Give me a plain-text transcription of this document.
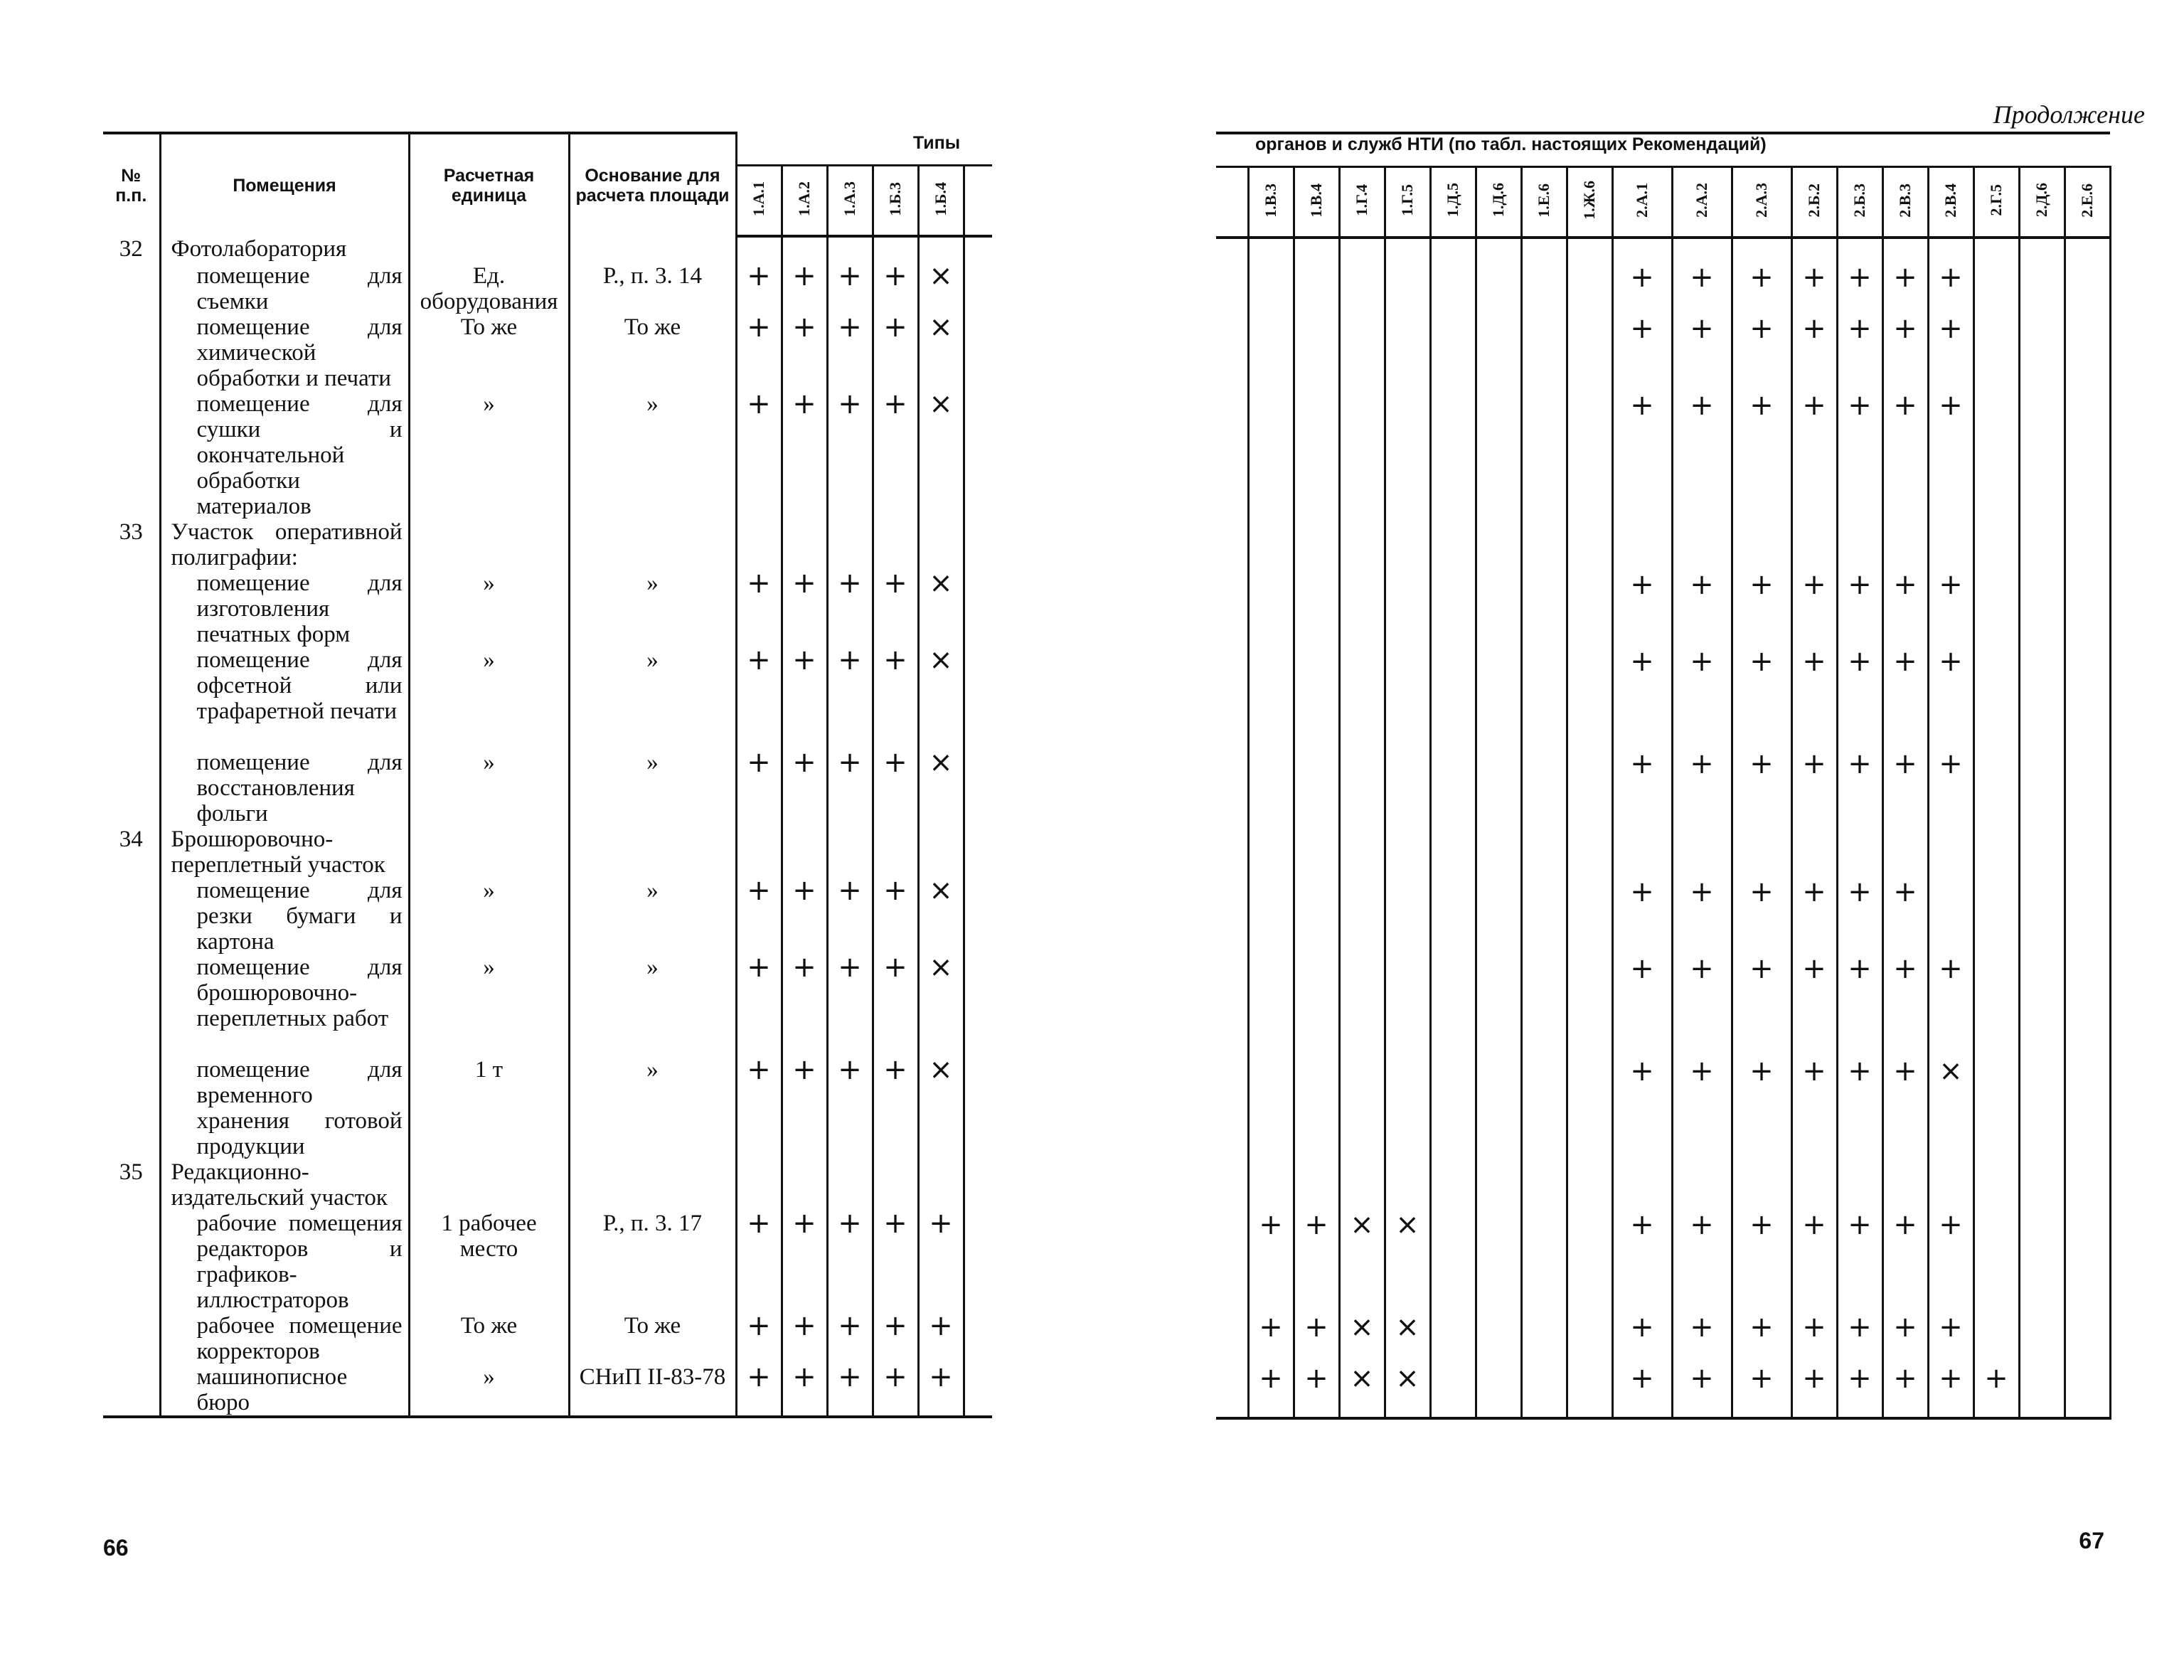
№ п.п.	Помещения	Расчетная единица	Основание для расчета площади	Типы					
				1.А.1	1.А.2	1.А.3	1.Б.3	1.Б.4	
32	Фотолаборатория								
	помещение для съемки	Ед. оборудования	Р., п. 3. 14	+	+	+	+	×	
	помещение для химической обработки и печати	То же	То же	+	+	+	+	×	
	помещение для сушки и окончательной обработки материалов	»	»	+	+	+	+	×	
33	Участок оперативной полиграфии:								
	помещение для изготовления печатных форм	»	»	+	+	+	+	×	
	помещение для офсетной или трафаретной печати	»	»	+	+	+	+	×	
	помещение для восстановления фольги	»	»	+	+	+	+	×	
34	Брошюровочно-переплетный участок								
	помещение для резки бумаги и картона	»	»	+	+	+	+	×	
	помещение для брошюровочно-переплетных работ	»	»	+	+	+	+	×	
	помещение для временного хранения готовой продукции	1 т	»	+	+	+	+	×	
35	Редакционно-издательский участок								
	рабочие помещения редакторов и графиков-иллюстраторов	1 рабочее место	Р., п. 3. 17	+	+	+	+	+	
	рабочее помещение корректоров	То же	То же	+	+	+	+	+	
	машинописное бюро	»	СНиП II-83-78	+	+	+	+	+	

66
Продолжение
органов и служб НТИ (по табл. настоящих Рекомендаций)																		
	1.В.3	1.В.4	1.Г.4	1.Г.5	1.Д.5	1.Д.6	1.Е.6	1.Ж.6	2.А.1	2.А.2	2.А.3	2.Б.2	2.Б.3	2.В.3	2.В.4	2.Г.5	2.Д.6	2.Е.6

									+	+	+	+	+	+	+			
									+	+	+	+	+	+	+			
									+	+	+	+	+	+	+			

									+	+	+	+	+	+	+			
									+	+	+	+	+	+	+			
									+	+	+	+	+	+	+			

									+	+	+	+	+	+				
									+	+	+	+	+	+	+			
									+	+	+	+	+	+	×			

	+	+	×	×					+	+	+	+	+	+	+			
	+	+	×	×					+	+	+	+	+	+	+			
	+	+	×	×					+	+	+	+	+	+	+	+		

67
